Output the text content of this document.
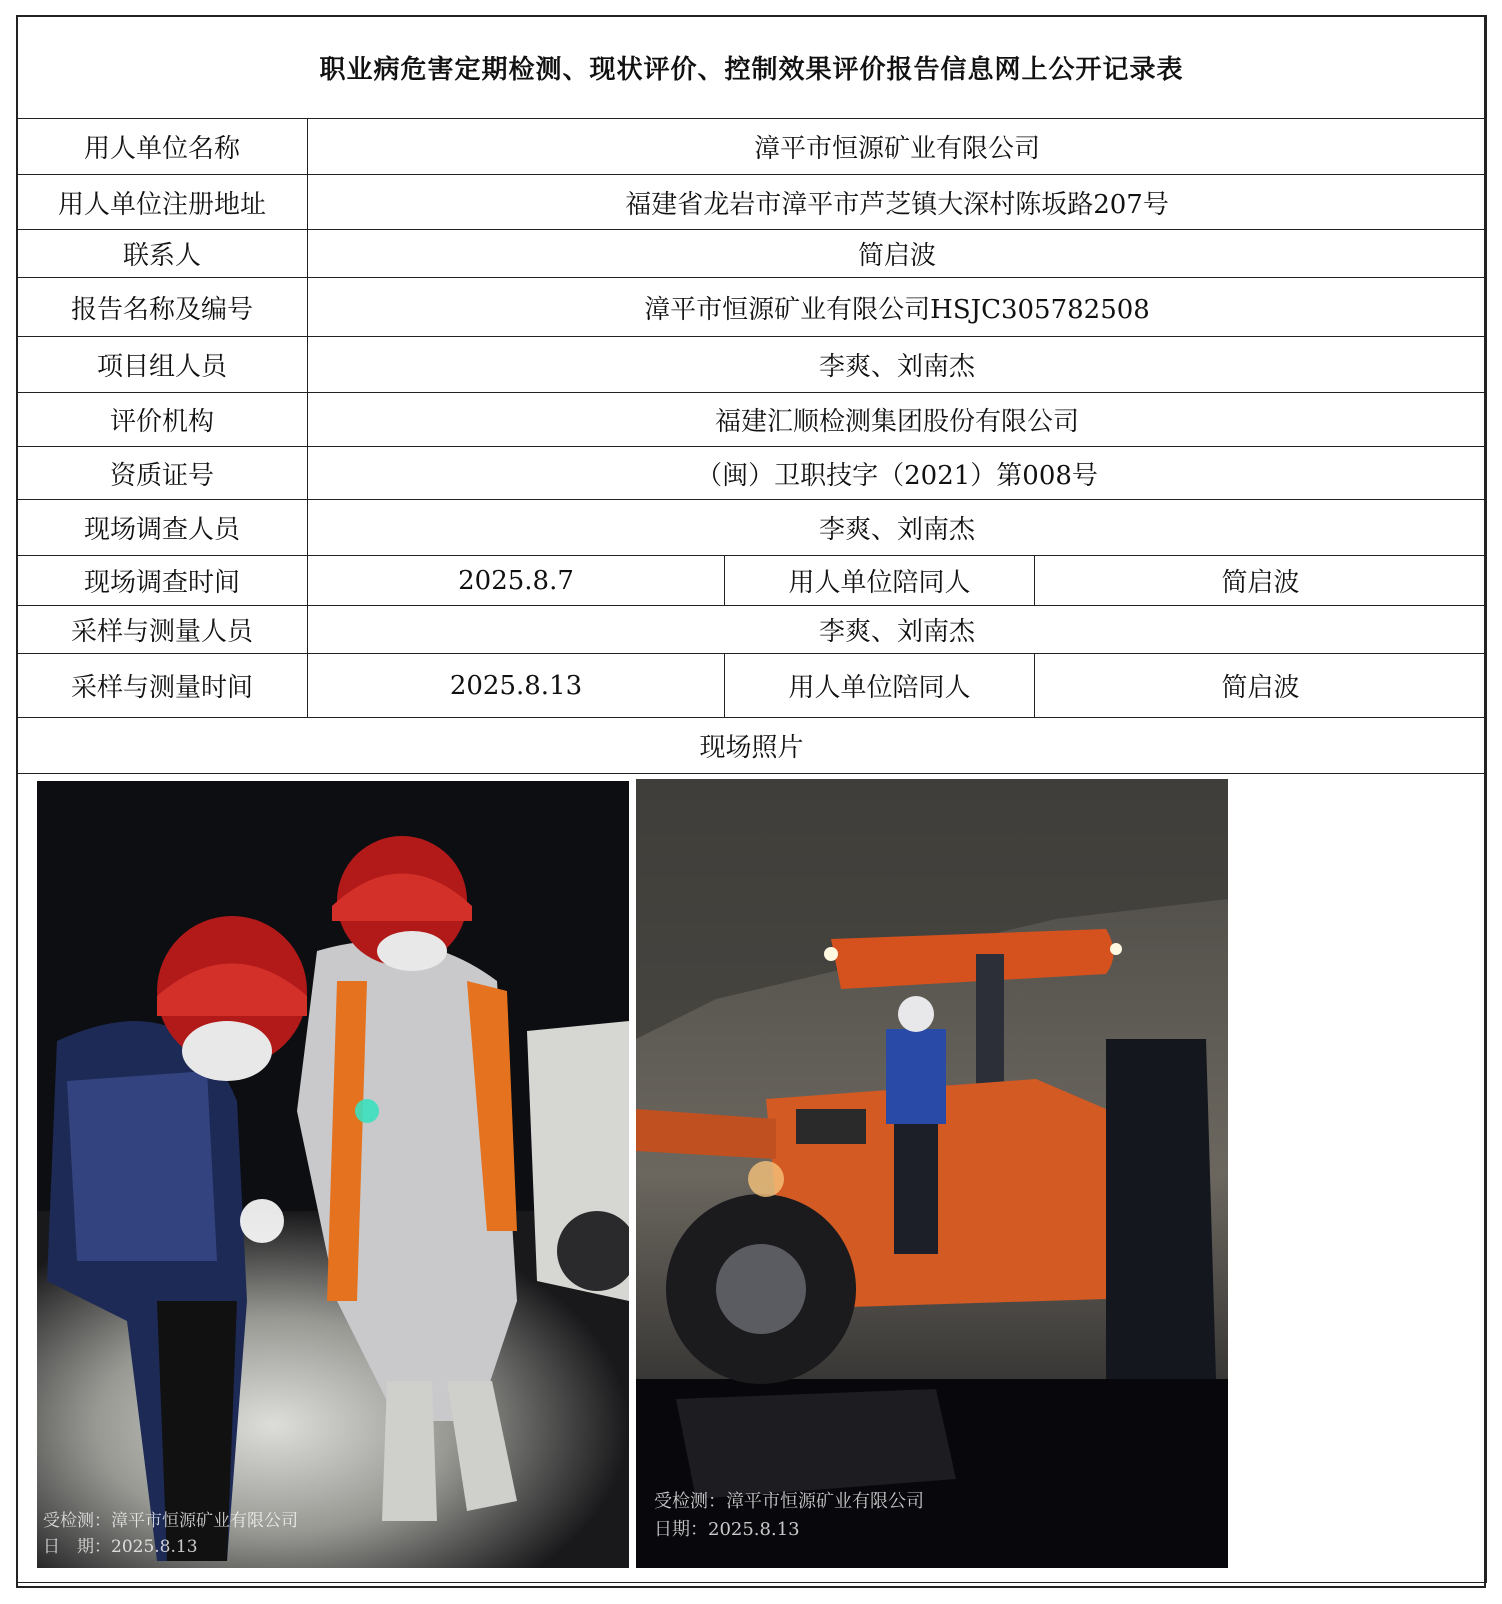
职业病危害定期检测、现状评价、控制效果评价报告信息网上公开记录表			
用人单位名称	漳平市恒源矿业有限公司		
用人单位注册地址	福建省龙岩市漳平市芦芝镇大深村陈坂路207号		
联系人	简启波		
报告名称及编号	漳平市恒源矿业有限公司HSJC305782508		
项目组人员	李爽、刘南杰		
评价机构	福建汇顺检测集团股份有限公司		
资质证号	（闽）卫职技字（2021）第008号		
现场调查人员	李爽、刘南杰		
现场调查时间	2025.8.7	用人单位陪同人	简启波
采样与测量人员	李爽、刘南杰		
采样与测量时间	2025.8.13	用人单位陪同人	简启波
现场照片			

受检测：漳平市恒源矿业有限公司
日　期：2025.8.13
受检测：漳平市恒源矿业有限公司
日期：2025.8.13			
